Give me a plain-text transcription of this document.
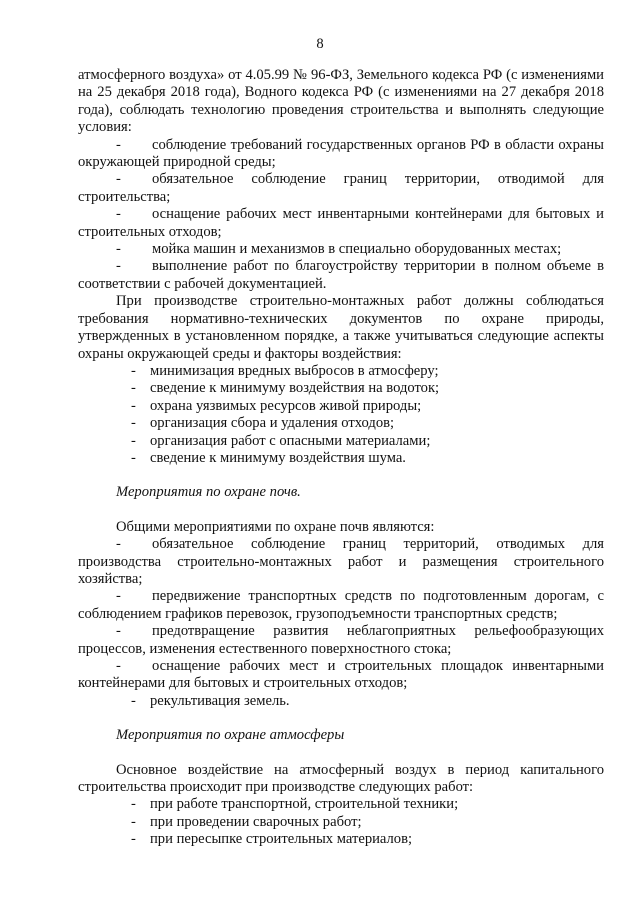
8

атмосферного воздуха» от 4.05.99 № 96-ФЗ, Земельного кодекса РФ (с изменениями на 25 декабря 2018 года), Водного кодекса РФ (с изменениями на 27 декабря 2018 года), соблюдать технологию проведения строительства и выполнять следующие условия:

- соблюдение требований государственных органов РФ в области охраны окружающей природной среды;

- обязательное соблюдение границ территории, отводимой для строительства;

- оснащение рабочих мест инвентарными контейнерами для бытовых и строительных отходов;

- мойка машин и механизмов в специально оборудованных местах;

- выполнение работ по благоустройству территории в полном объеме в соответствии с рабочей документацией.

При производстве строительно-монтажных работ должны соблюдаться требования нормативно-технических документов по охране природы, утвержденных в установленном порядке, а также учитываться следующие аспекты охраны окружающей среды и факторы воздействия:

- минимизация вредных выбросов в атмосферу;
- сведение к минимуму воздействия на водоток;
- охрана уязвимых ресурсов живой природы;
- организация сбора и удаления отходов;
- организация работ с опасными материалами;
- сведение к минимуму воздействия шума.

Мероприятия по охране почв.

Общими мероприятиями по охране почв являются:

- обязательное соблюдение границ территорий, отводимых для производства строительно-монтажных работ и размещения строительного хозяйства;

- передвижение транспортных средств по подготовленным дорогам, с соблюдением графиков перевозок, грузоподъемности транспортных средств;

- предотвращение развития неблагоприятных рельефообразующих процессов, изменения естественного поверхностного стока;

- оснащение рабочих мест и строительных площадок инвентарными контейнерами для бытовых и строительных отходов;

- рекультивация земель.

Мероприятия по охране атмосферы

Основное воздействие на атмосферный воздух в период капитального строительства происходит при производстве следующих работ:

- при работе транспортной, строительной техники;
- при проведении сварочных работ;
- при пересыпке строительных материалов;
